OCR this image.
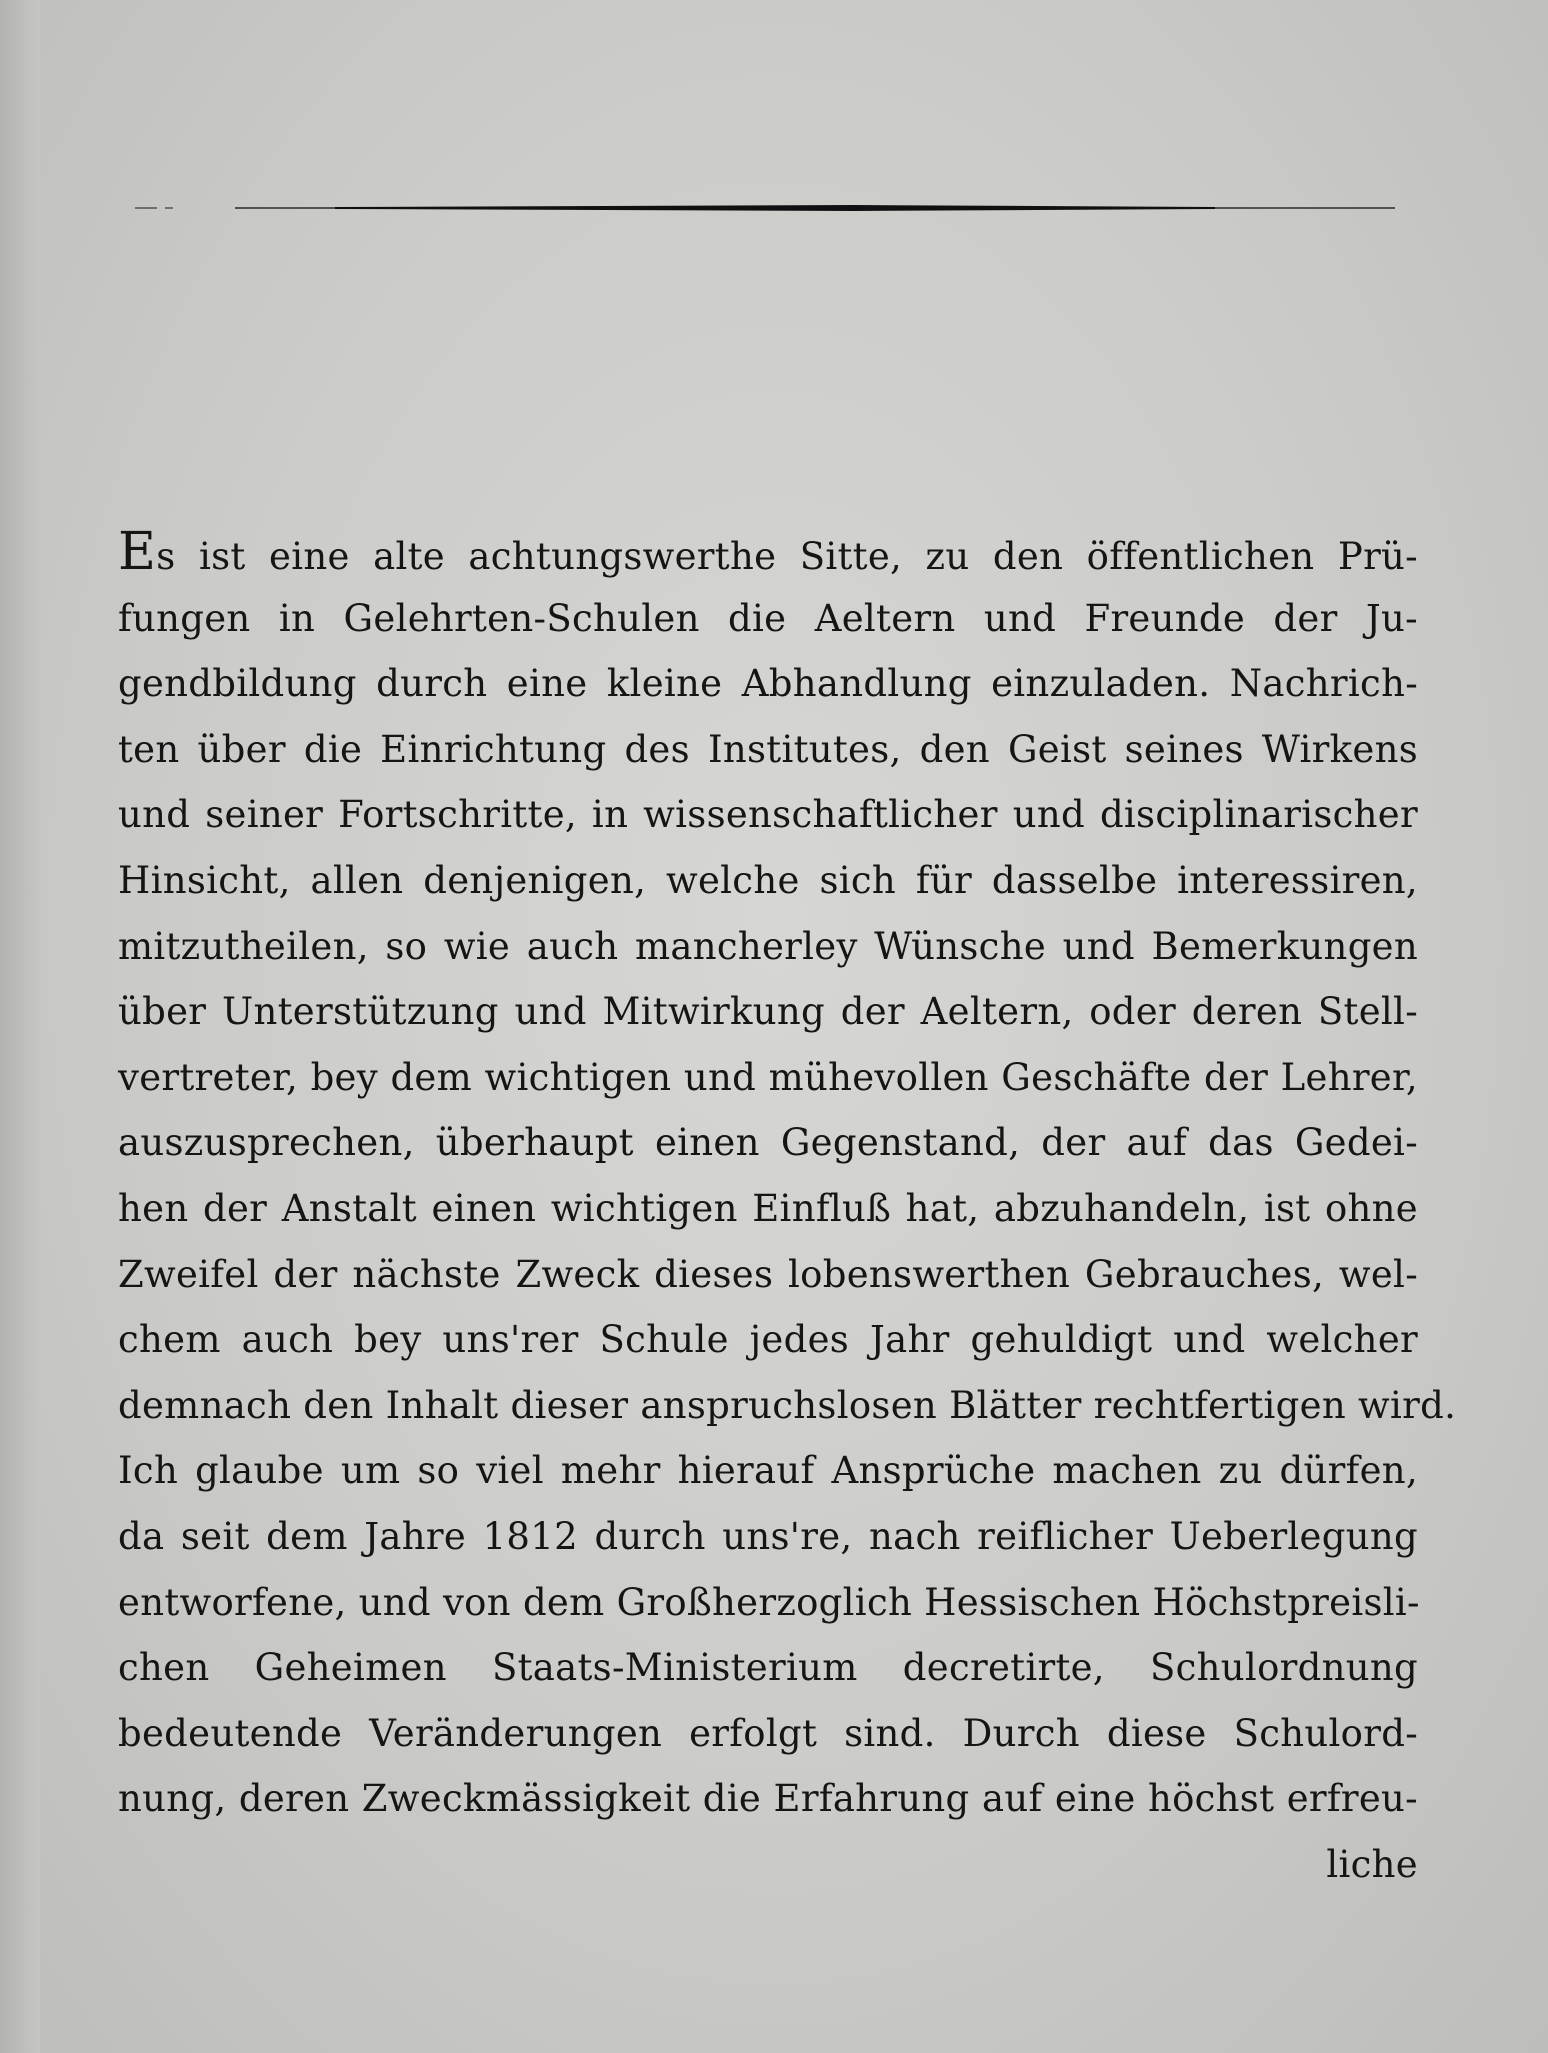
Es ist eine alte achtungswerthe Sitte, zu den öffentlichen Prü-
fungen in Gelehrten-Schulen die Aeltern und Freunde der Ju-
gendbildung durch eine kleine Abhandlung einzuladen. Nachrich-
ten über die Einrichtung des Institutes, den Geist seines Wirkens
und seiner Fortschritte, in wissenschaftlicher und disciplinarischer
Hinsicht, allen denjenigen, welche sich für dasselbe interessiren,
mitzutheilen, so wie auch mancherley Wünsche und Bemerkungen
über Unterstützung und Mitwirkung der Aeltern, oder deren Stell-
vertreter, bey dem wichtigen und mühevollen Geschäfte der Lehrer,
auszusprechen, überhaupt einen Gegenstand, der auf das Gedei-
hen der Anstalt einen wichtigen Einfluß hat, abzuhandeln, ist ohne
Zweifel der nächste Zweck dieses lobenswerthen Gebrauches, wel-
chem auch bey uns'rer Schule jedes Jahr gehuldigt und welcher
demnach den Inhalt dieser anspruchslosen Blätter rechtfertigen wird.
Ich glaube um so viel mehr hierauf Ansprüche machen zu dürfen,
da seit dem Jahre 1812 durch uns're, nach reiflicher Ueberlegung
entworfene, und von dem Großherzoglich Hessischen Höchstpreisli-
chen Geheimen Staats-Ministerium decretirte, Schulordnung
bedeutende Veränderungen erfolgt sind. Durch diese Schulord-
nung, deren Zweckmässigkeit die Erfahrung auf eine höchst erfreu-
liche
